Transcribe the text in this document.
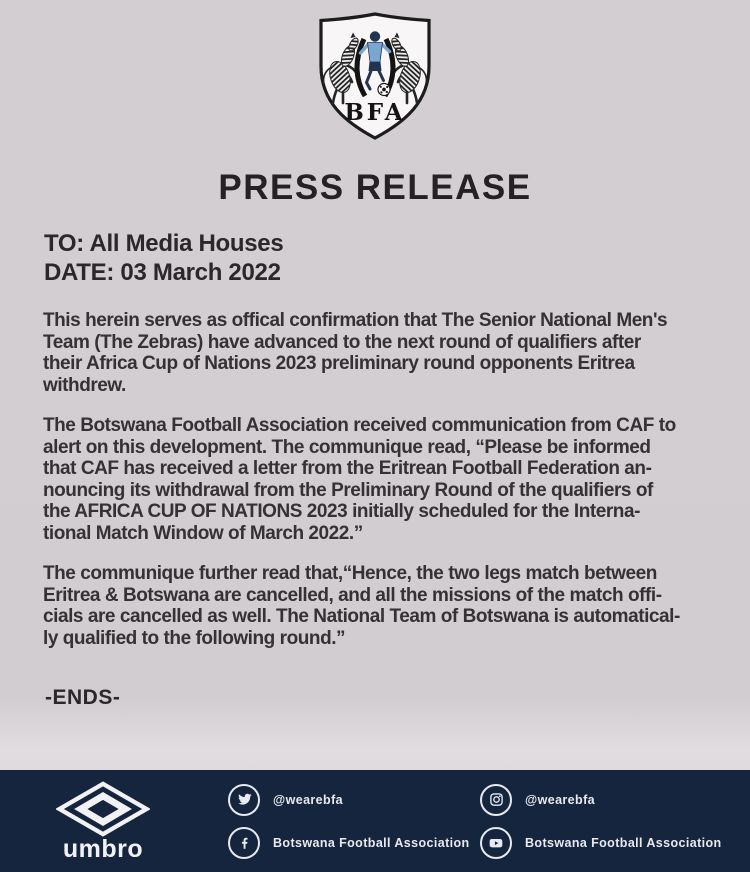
BFA
PRESS RELEASE
TO: All Media Houses
DATE: 03 March 2022
This herein serves as offical confirmation that The Senior National Men's
Team (The Zebras) have advanced to the next round of qualifiers after
their Africa Cup of Nations 2023 preliminary round opponents Eritrea
withdrew.
The Botswana Football Association received communication from CAF to
alert on this development. The communique read, “Please be informed
that CAF has received a letter from the Eritrean Football Federation an-
nouncing its withdrawal from the Preliminary Round of the qualifiers of
the AFRICA CUP OF NATIONS 2023 initially scheduled for the Interna-
tional Match Window of March 2022.”
The communique further read that,“Hence, the two legs match between
Eritrea & Botswana are cancelled, and all the missions of the match offi-
cials are cancelled as well. The National Team of Botswana is automatical-
ly qualified to the following round.”
-ENDS-
umbro
@wearebfa	@wearebfa
Botswana Football Association	Botswana Football Association
